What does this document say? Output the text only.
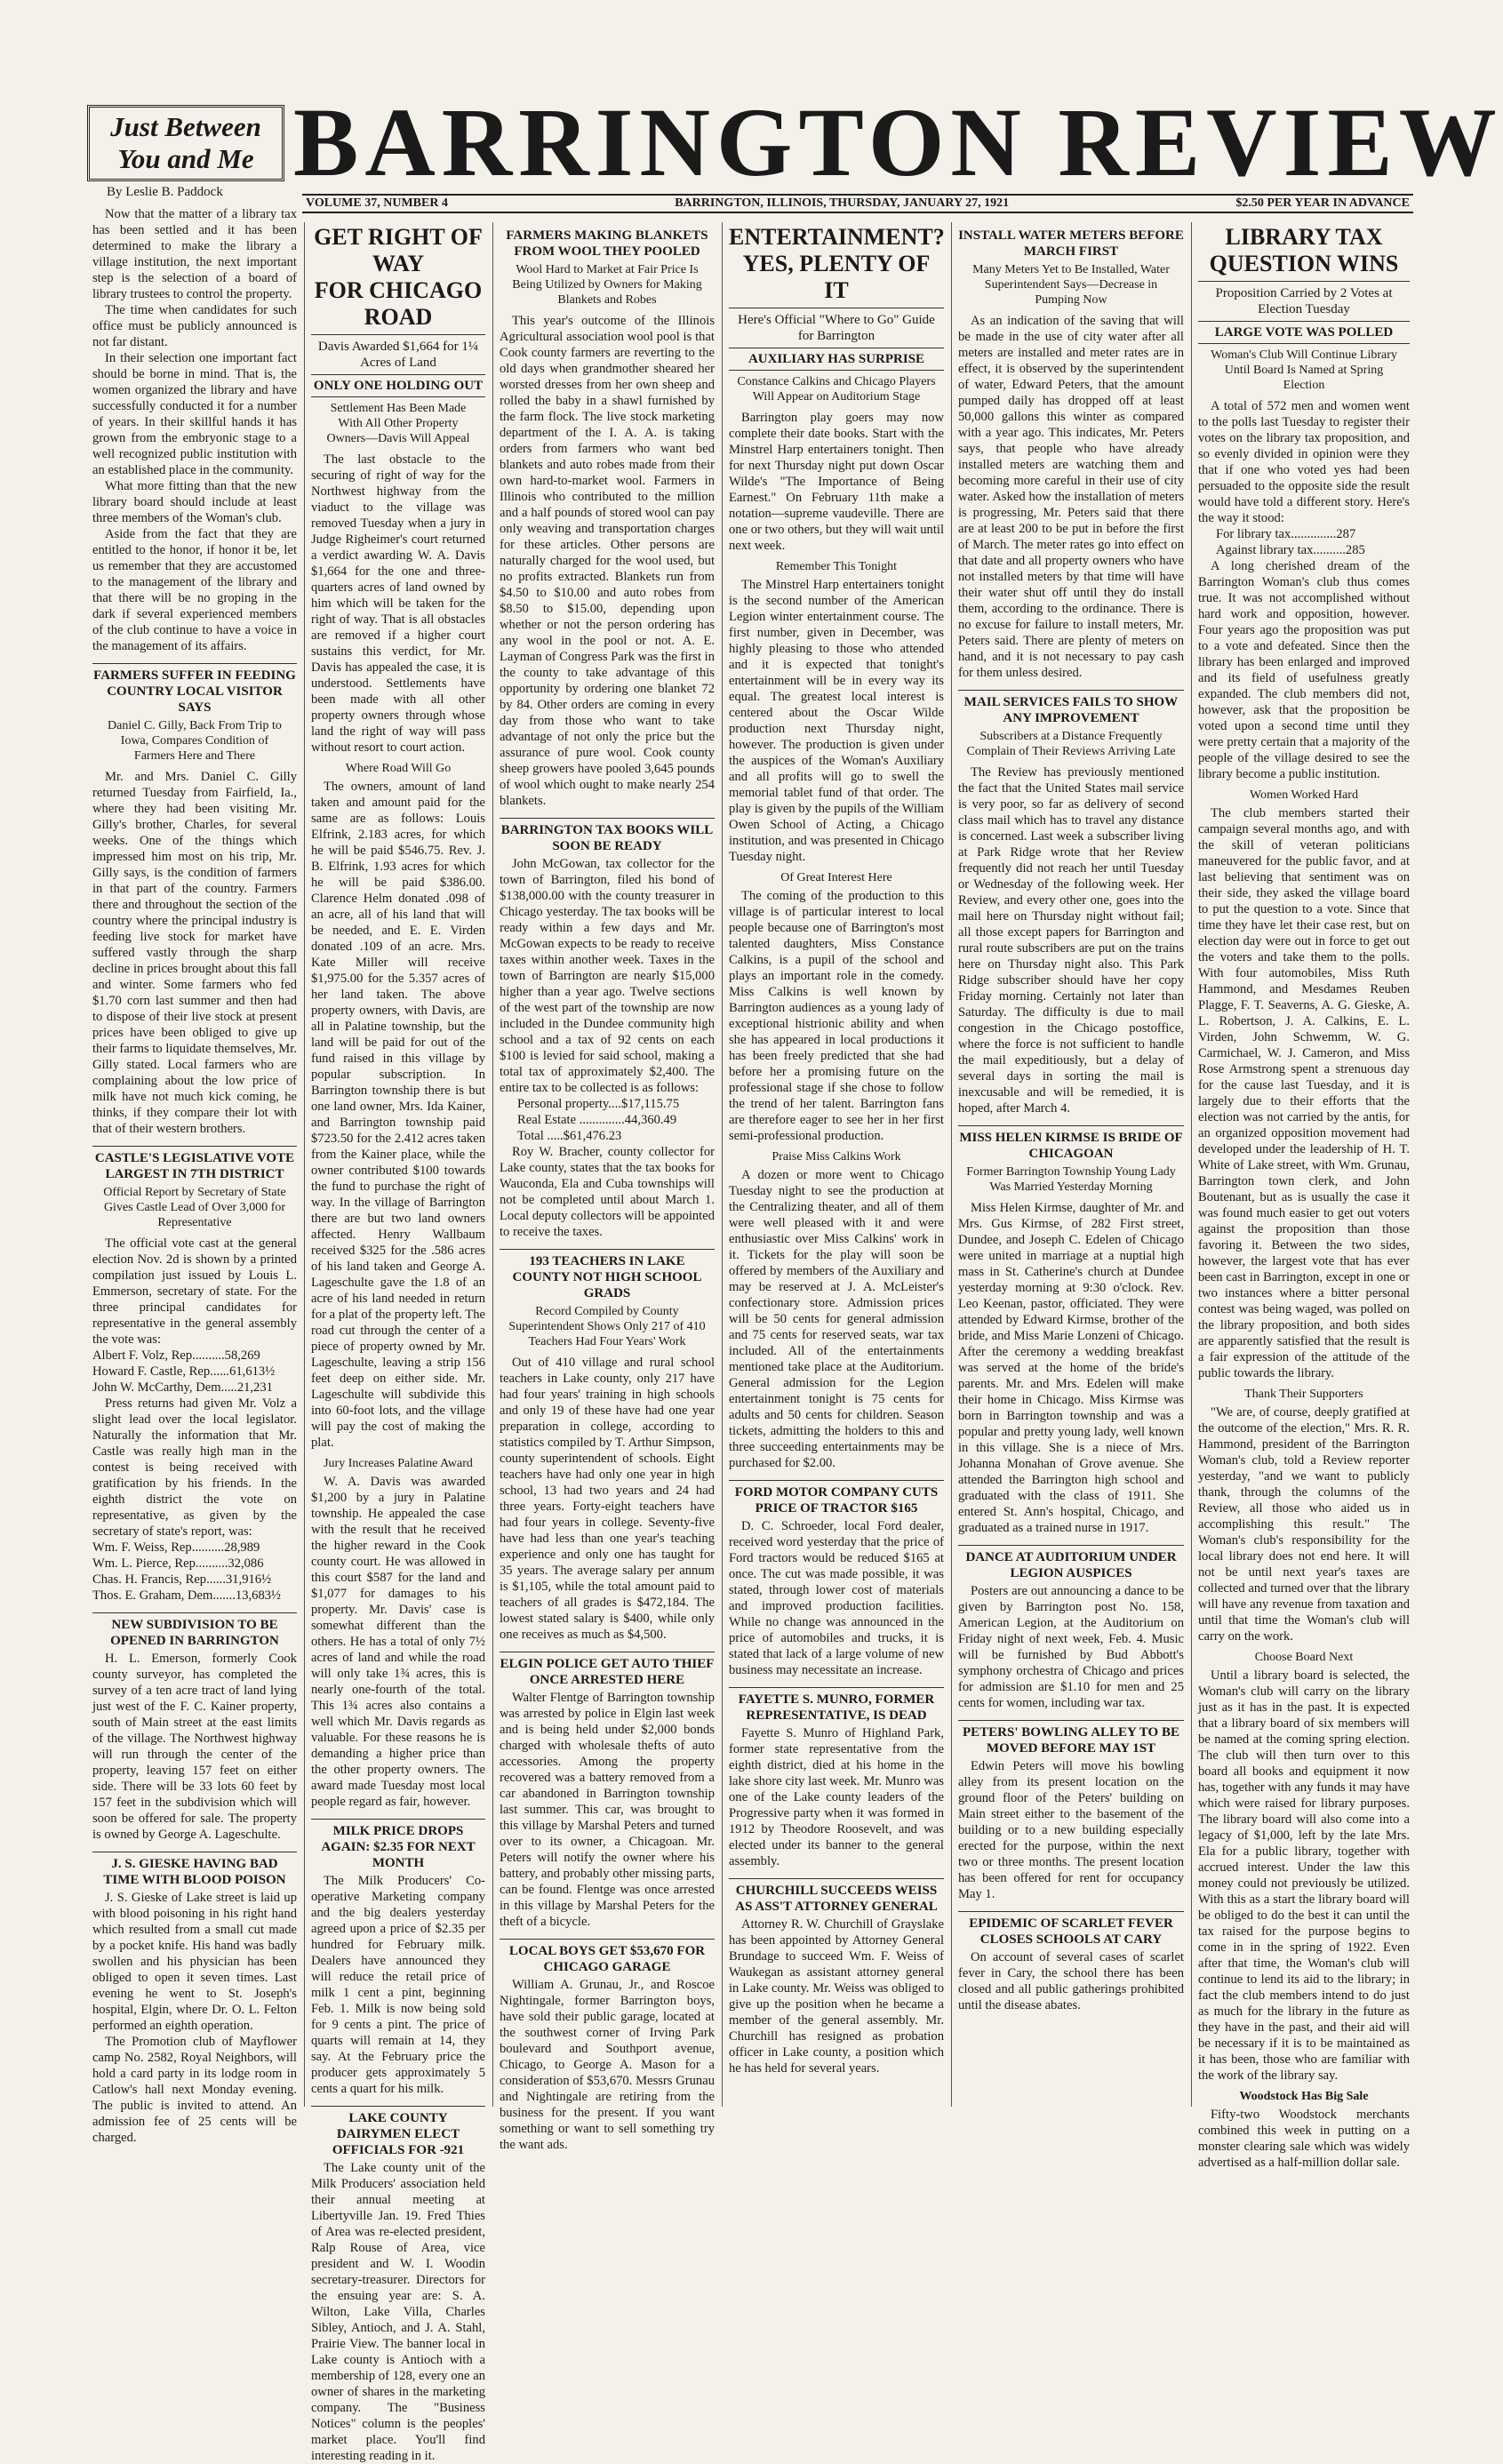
Just Between
You and Me
By Leslie B. Paddock BARRINGTON REVIEW
VOLUME 37, NUMBER 4	BARRINGTON, ILLINOIS, THURSDAY, JANUARY 27, 1921	$2.50 PER YEAR IN ADVANCE

Now that the matter of a library tax has been settled and it has been determined to make the library a village institution, the next important step is the selection of a board of library trustees to control the property.

The time when candidates for such office must be publicly announced is not far distant.

In their selection one important fact should be borne in mind. That is, the women organized the library and have successfully conducted it for a number of years. In their skillful hands it has grown from the embryonic stage to a well recognized public institution with an established place in the community.

What more fitting than that the new library board should include at least three members of the Woman's club.

Aside from the fact that they are entitled to the honor, if honor it be, let us remember that they are accustomed to the management of the library and that there will be no groping in the dark if several experienced members of the club continue to have a voice in the management of its affairs.

FARMERS SUFFER IN FEEDING COUNTRY LOCAL VISITOR SAYS
Daniel C. Gilly, Back From Trip to Iowa, Compares Condition of Farmers Here and There

Mr. and Mrs. Daniel C. Gilly returned Tuesday from Fairfield, Ia., where they had been visiting Mr. Gilly's brother, Charles, for several weeks. One of the things which impressed him most on his trip, Mr. Gilly says, is the condition of farmers in that part of the country. Farmers there and throughout the section of the country where the principal industry is feeding live stock for market have suffered vastly through the sharp decline in prices brought about this fall and winter. Some farmers who fed $1.70 corn last summer and then had to dispose of their live stock at present prices have been obliged to give up their farms to liquidate themselves, Mr. Gilly stated. Local farmers who are complaining about the low price of milk have not much kick coming, he thinks, if they compare their lot with that of their western brothers.

CASTLE'S LEGISLATIVE VOTE LARGEST IN 7TH DISTRICT
Official Report by Secretary of State Gives Castle Lead of Over 3,000 for Representative

The official vote cast at the general election Nov. 2d is shown by a printed compilation just issued by Louis L. Emmerson, secretary of state. For the three principal candidates for representative in the general assembly the vote was:

Albert F. Volz, Rep..........58,269
Howard F. Castle, Rep......61,613½
John W. McCarthy, Dem.....21,231

Press returns had given Mr. Volz a slight lead over the local legislator. Naturally the information that Mr. Castle was really high man in the contest is being received with gratification by his friends. In the eighth district the vote on representative, as given by the secretary of state's report, was:

Wm. F. Weiss, Rep..........28,989
Wm. L. Pierce, Rep..........32,086
Chas. H. Francis, Rep......31,916½
Thos. E. Graham, Dem.......13,683½
NEW SUBDIVISION TO BE OPENED IN BARRINGTON

H. L. Emerson, formerly Cook county surveyor, has completed the survey of a ten acre tract of land lying just west of the F. C. Kainer property, south of Main street at the east limits of the village. The Northwest highway will run through the center of the property, leaving 157 feet on either side. There will be 33 lots 60 feet by 157 feet in the subdivision which will soon be offered for sale. The property is owned by George A. Lageschulte.

J. S. GIESKE HAVING BAD TIME WITH BLOOD POISON

J. S. Gieske of Lake street is laid up with blood poisoning in his right hand which resulted from a small cut made by a pocket knife. His hand was badly swollen and his physician has been obliged to open it seven times. Last evening he went to St. Joseph's hospital, Elgin, where Dr. O. L. Felton performed an eighth operation.

The Promotion club of Mayflower camp No. 2582, Royal Neighbors, will hold a card party in its lodge room in Catlow's hall next Monday evening. The public is invited to attend. An admission fee of 25 cents will be charged.

GET RIGHT OF WAY
FOR CHICAGO ROAD
Davis Awarded $1,664 for 1¼ Acres of Land
ONLY ONE HOLDING OUT
Settlement Has Been Made With All Other Property Owners—Davis Will Appeal

The last obstacle to the securing of right of way for the Northwest highway from the viaduct to the village was removed Tuesday when a jury in Judge Righeimer's court returned a verdict awarding W. A. Davis $1,664 for the one and three-quarters acres of land owned by him which will be taken for the right of way. That is all obstacles are removed if a higher court sustains this verdict, for Mr. Davis has appealed the case, it is understood. Settlements have been made with all other property owners through whose land the right of way will pass without resort to court action.

Where Road Will Go

The owners, amount of land taken and amount paid for the same are as follows: Louis Elfrink, 2.183 acres, for which he will be paid $546.75. Rev. J. B. Elfrink, 1.93 acres for which he will be paid $386.00. Clarence Helm donated .098 of an acre, all of his land that will be needed, and E. E. Virden donated .109 of an acre. Mrs. Kate Miller will receive $1,975.00 for the 5.357 acres of her land taken. The above property owners, with Davis, are all in Palatine township, but the land will be paid for out of the fund raised in this village by popular subscription. In Barrington township there is but one land owner, Mrs. Ida Kainer, and Barrington township paid $723.50 for the 2.412 acres taken from the Kainer place, while the owner contributed $100 towards the fund to purchase the right of way. In the village of Barrington there are but two land owners affected. Henry Wallbaum received $325 for the .586 acres of his land taken and George A. Lageschulte gave the 1.8 of an acre of his land needed in return for a plat of the property left. The road cut through the center of a piece of property owned by Mr. Lageschulte, leaving a strip 156 feet deep on either side. Mr. Lageschulte will subdivide this into 60-foot lots, and the village will pay the cost of making the plat.

Jury Increases Palatine Award

W. A. Davis was awarded $1,200 by a jury in Palatine township. He appealed the case with the result that he received the higher reward in the Cook county court. He was allowed in this court $587 for the land and $1,077 for damages to his property. Mr. Davis' case is somewhat different than the others. He has a total of only 7½ acres of land and while the road will only take 1¾ acres, this is nearly one-fourth of the total. This 1¾ acres also contains a well which Mr. Davis regards as valuable. For these reasons he is demanding a higher price than the other property owners. The award made Tuesday most local people regard as fair, however.

MILK PRICE DROPS AGAIN: $2.35 FOR NEXT MONTH

The Milk Producers' Co-operative Marketing company and the big dealers yesterday agreed upon a price of $2.35 per hundred for February milk. Dealers have announced they will reduce the retail price of milk 1 cent a pint, beginning Feb. 1. Milk is now being sold for 9 cents a pint. The price of quarts will remain at 14, they say. At the February price the producer gets approximately 5 cents a quart for his milk.

LAKE COUNTY DAIRYMEN ELECT OFFICIALS FOR -921

The Lake county unit of the Milk Producers' association held their annual meeting at Libertyville Jan. 19. Fred Thies of Area was re-elected president, Ralp Rouse of Area, vice president and W. I. Woodin secretary-treasurer. Directors for the ensuing year are: S. A. Wilton, Lake Villa, Charles Sibley, Antioch, and J. A. Stahl, Prairie View. The banner local in Lake county is Antioch with a membership of 128, every one an owner of shares in the marketing company. The "Business Notices" column is the peoples' market place. You'll find interesting reading in it.

FARMERS MAKING BLANKETS FROM WOOL THEY POOLED
Wool Hard to Market at Fair Price Is Being Utilized by Owners for Making Blankets and Robes

This year's outcome of the Illinois Agricultural association wool pool is that Cook county farmers are reverting to the old days when grandmother sheared her worsted dresses from her own sheep and rolled the baby in a shawl furnished by the farm flock. The live stock marketing department of the I. A. A. is taking orders from farmers who want bed blankets and auto robes made from their own hard-to-market wool. Farmers in Illinois who contributed to the million and a half pounds of stored wool can pay only weaving and transportation charges for these articles. Other persons are naturally charged for the wool used, but no profits extracted. Blankets run from $4.50 to $10.00 and auto robes from $8.50 to $15.00, depending upon whether or not the person ordering has any wool in the pool or not. A. E. Layman of Congress Park was the first in the county to take advantage of this opportunity by ordering one blanket 72 by 84. Other orders are coming in every day from those who want to take advantage of not only the price but the assurance of pure wool. Cook county sheep growers have pooled 3,645 pounds of wool which ought to make nearly 254 blankets.

BARRINGTON TAX BOOKS WILL SOON BE READY

John McGowan, tax collector for the town of Barrington, filed his bond of $138,000.00 with the county treasurer in Chicago yesterday. The tax books will be ready within a few days and Mr. McGowan expects to be ready to receive taxes within another week. Taxes in the town of Barrington are nearly $15,000 higher than a year ago. Twelve sections of the west part of the township are now included in the Dundee community high school and a tax of 92 cents on each $100 is levied for said school, making a total tax of approximately $2,400. The entire tax to be collected is as follows:

Personal property....$17,115.75
Real Estate ..............44,360.49
Total .....$61,476.23

Roy W. Bracher, county collector for Lake county, states that the tax books for Wauconda, Ela and Cuba townships will not be completed until about March 1. Local deputy collectors will be appointed to receive the taxes.

193 TEACHERS IN LAKE COUNTY NOT HIGH SCHOOL GRADS
Record Compiled by County Superintendent Shows Only 217 of 410 Teachers Had Four Years' Work

Out of 410 village and rural school teachers in Lake county, only 217 have had four years' training in high schools and only 19 of these have had one year preparation in college, according to statistics compiled by T. Arthur Simpson, county superintendent of schools. Eight teachers have had only one year in high school, 13 had two years and 24 had three years. Forty-eight teachers have had four years in college. Seventy-five have had less than one year's teaching experience and only one has taught for 35 years. The average salary per annum is $1,105, while the total amount paid to teachers of all grades is $472,184. The lowest stated salary is $400, while only one receives as much as $4,500.

ELGIN POLICE GET AUTO THIEF ONCE ARRESTED HERE

Walter Flentge of Barrington township was arrested by police in Elgin last week and is being held under $2,000 bonds charged with wholesale thefts of auto accessories. Among the property recovered was a battery removed from a car abandoned in Barrington township last summer. This car, was brought to this village by Marshal Peters and turned over to its owner, a Chicagoan. Mr. Peters will notify the owner where his battery, and probably other missing parts, can be found. Flentge was once arrested in this village by Marshal Peters for the theft of a bicycle.

LOCAL BOYS GET $53,670 FOR CHICAGO GARAGE

William A. Grunau, Jr., and Roscoe Nightingale, former Barrington boys, have sold their public garage, located at the southwest corner of Irving Park boulevard and Southport avenue, Chicago, to George A. Mason for a consideration of $53,670. Messrs Grunau and Nightingale are retiring from the business for the present. If you want something or want to sell something try the want ads.

ENTERTAINMENT?
YES, PLENTY OF IT
Here's Official "Where to Go" Guide for Barrington
AUXILIARY HAS SURPRISE
Constance Calkins and Chicago Players Will Appear on Auditorium Stage

Barrington play goers may now complete their date books. Start with the Minstrel Harp entertainers tonight. Then for next Thursday night put down Oscar Wilde's "The Importance of Being Earnest." On February 11th make a notation—supreme vaudeville. There are one or two others, but they will wait until next week.

Remember This Tonight

The Minstrel Harp entertainers tonight is the second number of the American Legion winter entertainment course. The first number, given in December, was highly pleasing to those who attended and it is expected that tonight's entertainment will be in every way its equal. The greatest local interest is centered about the Oscar Wilde production next Thursday night, however. The production is given under the auspices of the Woman's Auxiliary and all profits will go to swell the memorial tablet fund of that order. The play is given by the pupils of the William Owen School of Acting, a Chicago institution, and was presented in Chicago Tuesday night.

Of Great Interest Here

The coming of the production to this village is of particular interest to local people because one of Barrington's most talented daughters, Miss Constance Calkins, is a pupil of the school and plays an important role in the comedy. Miss Calkins is well known by Barrington audiences as a young lady of exceptional histrionic ability and when she has appeared in local productions it has been freely predicted that she had before her a promising future on the professional stage if she chose to follow the trend of her talent. Barrington fans are therefore eager to see her in her first semi-professional production.

Praise Miss Calkins Work

A dozen or more went to Chicago Tuesday night to see the production at the Centralizing theater, and all of them were well pleased with it and were enthusiastic over Miss Calkins' work in it. Tickets for the play will soon be offered by members of the Auxiliary and may be reserved at J. A. McLeister's confectionary store. Admission prices will be 50 cents for general admission and 75 cents for reserved seats, war tax included. All of the entertainments mentioned take place at the Auditorium. General admission for the Legion entertainment tonight is 75 cents for adults and 50 cents for children. Season tickets, admitting the holders to this and three succeeding entertainments may be purchased for $2.00.

FORD MOTOR COMPANY CUTS PRICE OF TRACTOR $165

D. C. Schroeder, local Ford dealer, received word yesterday that the price of Ford tractors would be reduced $165 at once. The cut was made possible, it was stated, through lower cost of materials and improved production facilities. While no change was announced in the price of automobiles and trucks, it is stated that lack of a large volume of new business may necessitate an increase.

FAYETTE S. MUNRO, FORMER REPRESENTATIVE, IS DEAD

Fayette S. Munro of Highland Park, former state representative from the eighth district, died at his home in the lake shore city last week. Mr. Munro was one of the Lake county leaders of the Progressive party when it was formed in 1912 by Theodore Roosevelt, and was elected under its banner to the general assembly.

CHURCHILL SUCCEEDS WEISS AS ASS'T ATTORNEY GENERAL

Attorney R. W. Churchill of Grayslake has been appointed by Attorney General Brundage to succeed Wm. F. Weiss of Waukegan as assistant attorney general in Lake county. Mr. Weiss was obliged to give up the position when he became a member of the general assembly. Mr. Churchill has resigned as probation officer in Lake county, a position which he has held for several years.

INSTALL WATER METERS BEFORE MARCH FIRST
Many Meters Yet to Be Installed, Water Superintendent Says—Decrease in Pumping Now

As an indication of the saving that will be made in the use of city water after all meters are installed and meter rates are in effect, it is observed by the superintendent of water, Edward Peters, that the amount pumped daily has dropped off at least 50,000 gallons this winter as compared with a year ago. This indicates, Mr. Peters says, that people who have already installed meters are watching them and becoming more careful in their use of city water. Asked how the installation of meters is progressing, Mr. Peters said that there are at least 200 to be put in before the first of March. The meter rates go into effect on that date and all property owners who have not installed meters by that time will have their water shut off until they do install them, according to the ordinance. There is no excuse for failure to install meters, Mr. Peters said. There are plenty of meters on hand, and it is not necessary to pay cash for them unless desired.

MAIL SERVICES FAILS TO SHOW ANY IMPROVEMENT
Subscribers at a Distance Frequently Complain of Their Reviews Arriving Late

The Review has previously mentioned the fact that the United States mail service is very poor, so far as delivery of second class mail which has to travel any distance is concerned. Last week a subscriber living at Park Ridge wrote that her Review frequently did not reach her until Tuesday or Wednesday of the following week. Her Review, and every other one, goes into the mail here on Thursday night without fail; all those except papers for Barrington and rural route subscribers are put on the trains here on Thursday night also. This Park Ridge subscriber should have her copy Friday morning. Certainly not later than Saturday. The difficulty is due to mail congestion in the Chicago postoffice, where the force is not sufficient to handle the mail expeditiously, but a delay of several days in sorting the mail is inexcusable and will be remedied, it is hoped, after March 4.

MISS HELEN KIRMSE IS BRIDE OF CHICAGOAN
Former Barrington Township Young Lady Was Married Yesterday Morning

Miss Helen Kirmse, daughter of Mr. and Mrs. Gus Kirmse, of 282 First street, Dundee, and Joseph C. Edelen of Chicago were united in marriage at a nuptial high mass in St. Catherine's church at Dundee yesterday morning at 9:30 o'clock. Rev. Leo Keenan, pastor, officiated. They were attended by Edward Kirmse, brother of the bride, and Miss Marie Lonzeni of Chicago. After the ceremony a wedding breakfast was served at the home of the bride's parents. Mr. and Mrs. Edelen will make their home in Chicago. Miss Kirmse was born in Barrington township and was a popular and pretty young lady, well known in this village. She is a niece of Mrs. Johanna Monahan of Grove avenue. She attended the Barrington high school and graduated with the class of 1911. She entered St. Ann's hospital, Chicago, and graduated as a trained nurse in 1917.

DANCE AT AUDITORIUM UNDER LEGION AUSPICES

Posters are out announcing a dance to be given by Barrington post No. 158, American Legion, at the Auditorium on Friday night of next week, Feb. 4. Music will be furnished by Bud Abbott's symphony orchestra of Chicago and prices for admission are $1.10 for men and 25 cents for women, including war tax.

PETERS' BOWLING ALLEY TO BE MOVED BEFORE MAY 1ST

Edwin Peters will move his bowling alley from its present location on the ground floor of the Peters' building on Main street either to the basement of the building or to a new building especially erected for the purpose, within the next two or three months. The present location has been offered for rent for occupancy May 1.

EPIDEMIC OF SCARLET FEVER CLOSES SCHOOLS AT CARY

On account of several cases of scarlet fever in Cary, the school there has been closed and all public gatherings prohibited until the disease abates.

LIBRARY TAX
QUESTION WINS
Proposition Carried by 2 Votes at Election Tuesday
LARGE VOTE WAS POLLED
Woman's Club Will Continue Library Until Board Is Named at Spring Election

A total of 572 men and women went to the polls last Tuesday to register their votes on the library tax proposition, and so evenly divided in opinion were they that if one who voted yes had been persuaded to the opposite side the result would have told a different story. Here's the way it stood:

For library tax..............287
Against library tax..........285

A long cherished dream of the Barrington Woman's club thus comes true. It was not accomplished without hard work and opposition, however. Four years ago the proposition was put to a vote and defeated. Since then the library has been enlarged and improved and its field of usefulness greatly expanded. The club members did not, however, ask that the proposition be voted upon a second time until they were pretty certain that a majority of the people of the village desired to see the library become a public institution.

Women Worked Hard

The club members started their campaign several months ago, and with the skill of veteran politicians maneuvered for the public favor, and at last believing that sentiment was on their side, they asked the village board to put the question to a vote. Since that time they have let their case rest, but on election day were out in force to get out the voters and take them to the polls. With four automobiles, Miss Ruth Hammond, and Mesdames Reuben Plagge, F. T. Seaverns, A. G. Gieske, A. L. Robertson, J. A. Calkins, E. L. Virden, John Schwemm, W. G. Carmichael, W. J. Cameron, and Miss Rose Armstrong spent a strenuous day for the cause last Tuesday, and it is largely due to their efforts that the election was not carried by the antis, for an organized opposition movement had developed under the leadership of H. T. White of Lake street, with Wm. Grunau, Barrington town clerk, and John Boutenant, but as is usually the case it was found much easier to get out voters against the proposition than those favoring it. Between the two sides, however, the largest vote that has ever been cast in Barrington, except in one or two instances where a bitter personal contest was being waged, was polled on the library proposition, and both sides are apparently satisfied that the result is a fair expression of the attitude of the public towards the library.

Thank Their Supporters

"We are, of course, deeply gratified at the outcome of the election," Mrs. R. R. Hammond, president of the Barrington Woman's club, told a Review reporter yesterday, "and we want to publicly thank, through the columns of the Review, all those who aided us in accomplishing this result." The Woman's club's responsibility for the local library does not end here. It will not be until next year's taxes are collected and turned over that the library will have any revenue from taxation and until that time the Woman's club will carry on the work.

Choose Board Next

Until a library board is selected, the Woman's club will carry on the library just as it has in the past. It is expected that a library board of six members will be named at the coming spring election. The club will then turn over to this board all books and equipment it now has, together with any funds it may have which were raised for library purposes. The library board will also come into a legacy of $1,000, left by the late Mrs. Ela for a public library, together with accrued interest. Under the law this money could not previously be utilized. With this as a start the library board will be obliged to do the best it can until the tax raised for the purpose begins to come in in the spring of 1922. Even after that time, the Woman's club will continue to lend its aid to the library; in fact the club members intend to do just as much for the library in the future as they have in the past, and their aid will be necessary if it is to be maintained as it has been, those who are familiar with the work of the library say.

Woodstock Has Big Sale

Fifty-two Woodstock merchants combined this week in putting on a monster clearing sale which was widely advertised as a half-million dollar sale.
